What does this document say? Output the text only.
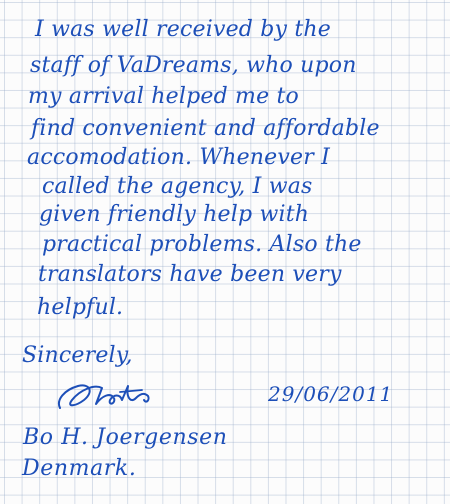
I was well received by the
staff of VaDreams, who upon
my arrival helped me to
find convenient and affordable
accomodation. Whenever I
called the agency, I was
given friendly help with
practical problems. Also the
translators have been very
helpful.
Sincerely,
29/06/2011
Bo H. Joergensen
Denmark.
